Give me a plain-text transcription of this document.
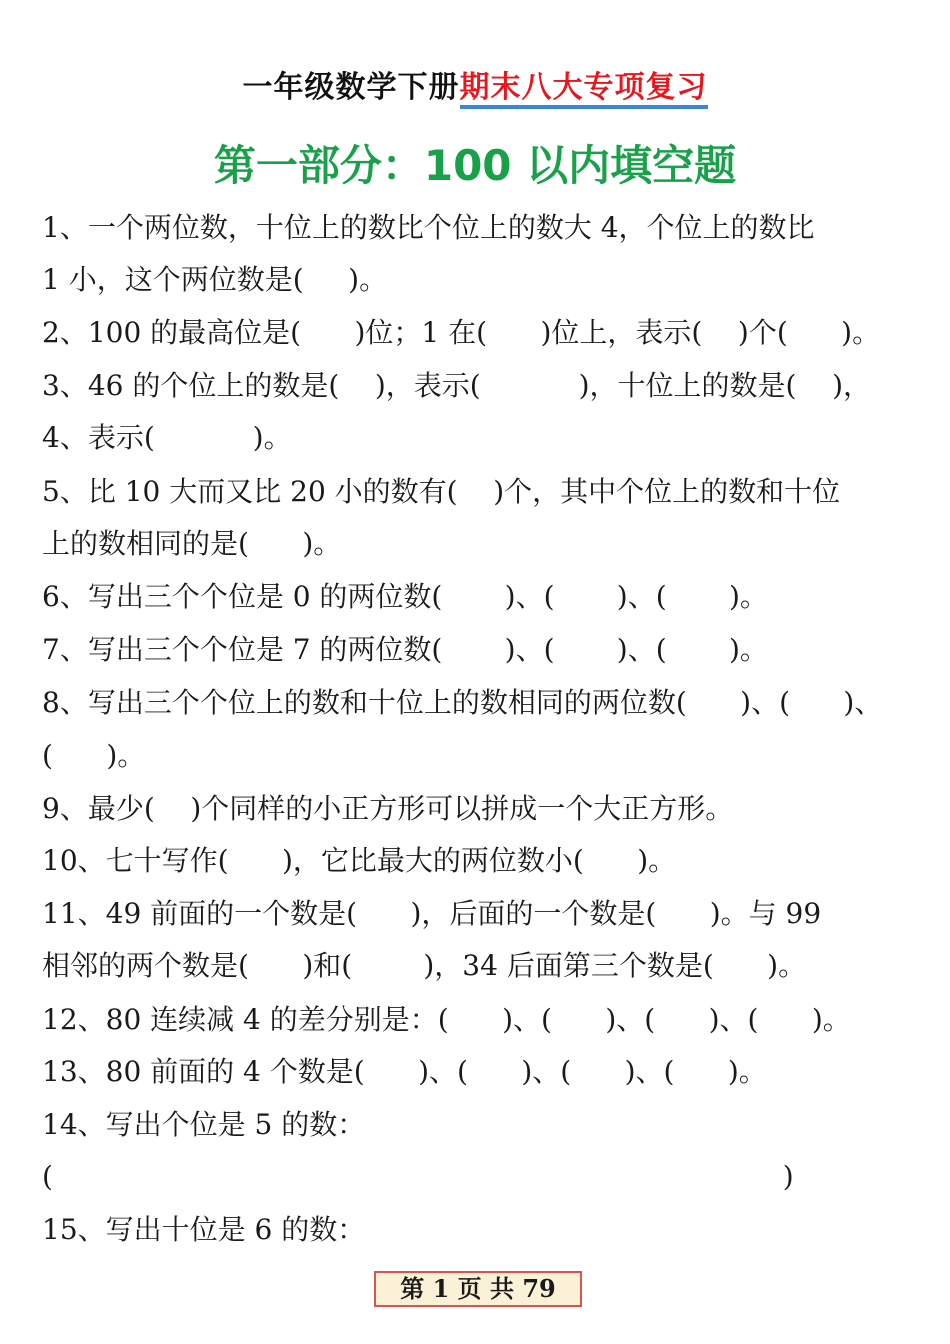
一年级数学下册期末八大专项复习
第一部分：100 以内填空题
1、一个两位数，十位上的数比个位上的数大 4，个位上的数比
1 小，这个两位数是(     )。
2、100 的最高位是(      )位；1 在(      )位上，表示(    )个(      )。
3、46 的个位上的数是(    )，表示(           )，十位上的数是(    )，
4、表示(           )。
5、比 10 大而又比 20 小的数有(    )个，其中个位上的数和十位
上的数相同的是(      )。
6、写出三个个位是 0 的两位数(       )、(       )、(       )。
7、写出三个个位是 7 的两位数(       )、(       )、(       )。
8、写出三个个位上的数和十位上的数相同的两位数(      )、(      )、
(      )。
9、最少(    )个同样的小正方形可以拼成一个大正方形。
10、七十写作(      )，它比最大的两位数小(      )。
11、49 前面的一个数是(      )，后面的一个数是(      )。与 99
相邻的两个数是(      )和(        )，34 后面第三个数是(      )。
12、80 连续减 4 的差分别是：(      )、(      )、(      )、(      )。
13、80 前面的 4 个数是(      )、(      )、(      )、(      )。
14、写出个位是 5 的数：
(                                                                                  )
15、写出十位是 6 的数：
第 1 页 共 79
